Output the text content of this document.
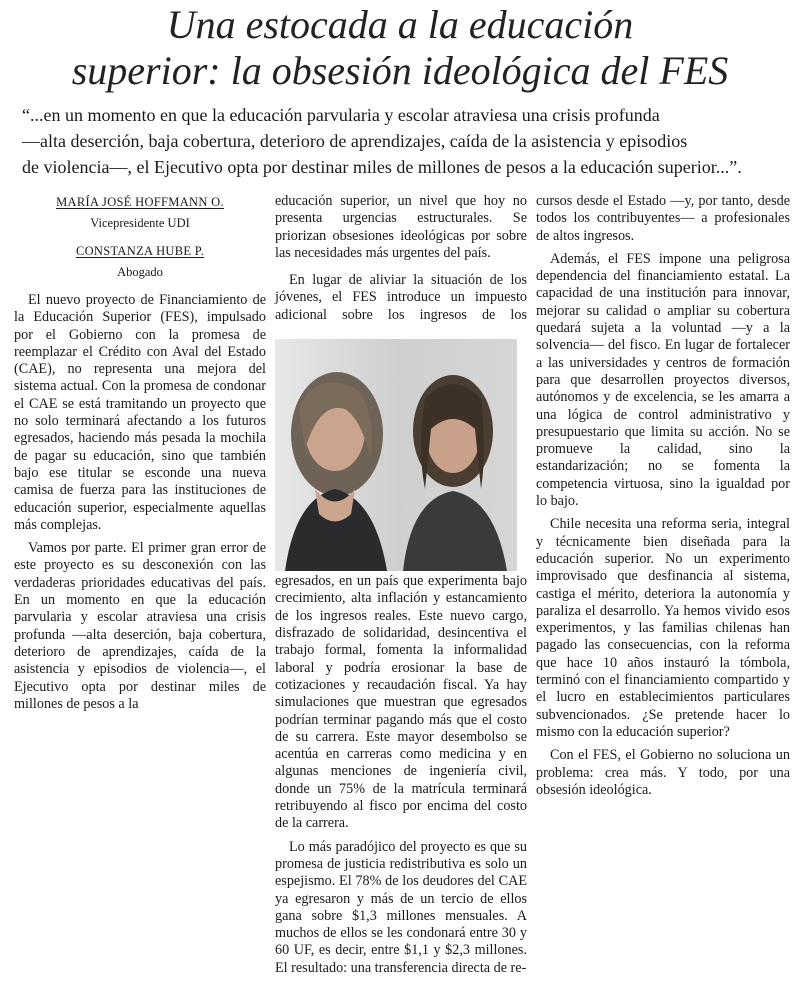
Una estocada a la educación
superior: la obsesión ideológica del FES
“...en un momento en que la educación parvularia y escolar atraviesa una crisis profunda
—alta deserción, baja cobertura, deterioro de aprendizajes, caída de la asistencia y episodios
de violencia—, el Ejecutivo opta por destinar miles de millones de pesos a la educación superior...”.
MARÍA JOSÉ HOFFMANN O.
Vicepresidente UDI
CONSTANZA HUBE P.
Abogado

El nuevo proyecto de Financiamiento de la Educación Superior (FES), impulsado por el Gobierno con la promesa de reemplazar el Crédito con Aval del Estado (CAE), no representa una mejora del sistema actual. Con la promesa de condonar el CAE se está tramitando un proyecto que no solo terminará afectando a los futuros egresados, haciendo más pesada la mochila de pagar su educación, sino que también bajo ese titular se esconde una nueva camisa de fuerza para las instituciones de educación superior, especialmente aquellas más complejas.

Vamos por parte. El primer gran error de este proyecto es su desconexión con las verdaderas prioridades educativas del país. En un momento en que la educación parvularia y escolar atraviesa una crisis profunda —alta deserción, baja cobertura, deterioro de aprendizajes, caída de la asistencia y episodios de violencia—, el Ejecutivo opta por destinar miles de millones de pesos a la

educación superior, un nivel que hoy no presenta urgencias estructurales. Se priorizan obsesiones ideológicas por sobre las necesidades más urgentes del país.

En lugar de aliviar la situación de los jóvenes, el FES introduce un impuesto adicional sobre los ingresos de los egresados, en un país que experimenta bajo crecimiento, alta inflación y estancamiento de los ingresos reales. Este nuevo cargo, disfrazado de solidaridad, desincentiva el trabajo formal, fomenta la informalidad laboral y podría erosionar la base de cotizaciones y recaudación fiscal. Ya hay simulaciones que muestran que egresados podrían terminar pagando más que el costo de su carrera. Este mayor desembolso se acentúa en carreras como medicina y en algunas menciones de ingeniería civil, donde un 75% de la matrícula terminará retribuyendo al fisco por encima del costo de la carrera.

Lo más paradójico del proyecto es que su promesa de justicia redistributiva es solo un espejismo. El 78% de los deudores del CAE ya egresaron y más de un tercio de ellos gana sobre $1,3 millones mensuales. A muchos de ellos se les condonará entre 30 y 60 UF, es decir, entre $1,1 y $2,3 millones. El resultado: una transferencia directa de re-

cursos desde el Estado —y, por tanto, desde todos los contribuyentes— a profesionales de altos ingresos.

Además, el FES impone una peligrosa dependencia del financiamiento estatal. La capacidad de una institución para innovar, mejorar su calidad o ampliar su cobertura quedará sujeta a la voluntad —y a la solvencia— del fisco. En lugar de fortalecer a las universidades y centros de formación para que desarrollen proyectos diversos, autónomos y de excelencia, se les amarra a una lógica de control administrativo y presupuestario que limita su acción. No se promueve la calidad, sino la estandarización; no se fomenta la competencia virtuosa, sino la igualdad por lo bajo.

Chile necesita una reforma seria, integral y técnicamente bien diseñada para la educación superior. No un experimento improvisado que desfinancia al sistema, castiga el mérito, deteriora la autonomía y paraliza el desarrollo. Ya hemos vivido esos experimentos, y las familias chilenas han pagado las consecuencias, con la reforma que hace 10 años instauró la tómbola, terminó con el financiamiento compartido y el lucro en establecimientos particulares subvencionados. ¿Se pretende hacer lo mismo con la educación superior?

Con el FES, el Gobierno no soluciona un problema: crea más. Y todo, por una obsesión ideológica.
